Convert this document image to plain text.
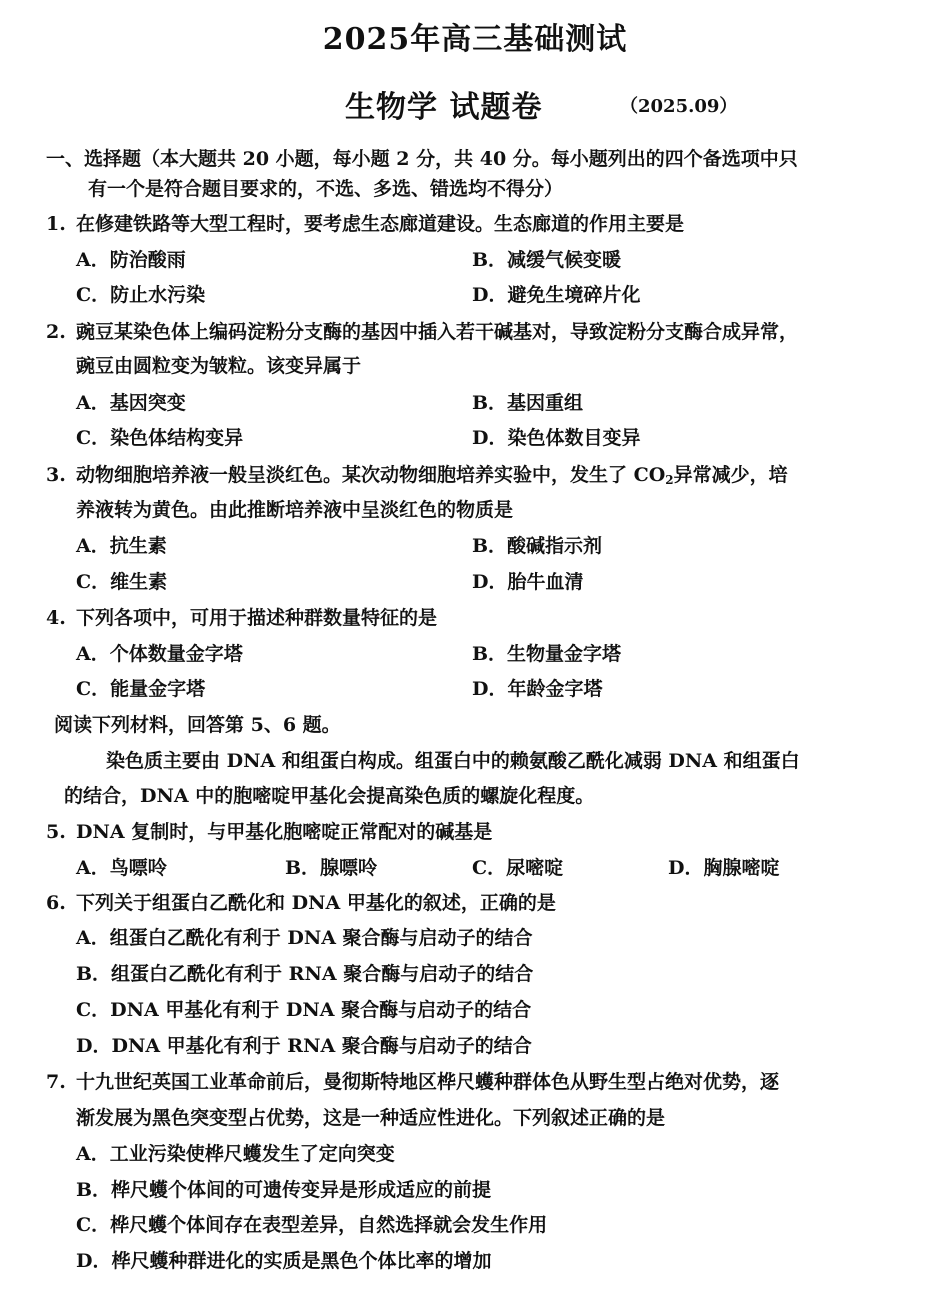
2025年高三基础测试
生物学 试题卷	（2025.09）
一、选择题（本大题共 20 小题，每小题 2 分，共 40 分。每小题列出的四个备选项中只
有一个是符合题目要求的，不选、多选、错选均不得分）
1. 在修建铁路等大型工程时，要考虑生态廊道建设。生态廊道的作用主要是
A．防治酸雨	B．减缓气候变暖
C．防止水污染	D．避免生境碎片化
2. 豌豆某染色体上编码淀粉分支酶的基因中插入若干碱基对，导致淀粉分支酶合成异常，
豌豆由圆粒变为皱粒。该变异属于
A．基因突变	B．基因重组
C．染色体结构变异	D．染色体数目变异
3. 动物细胞培养液一般呈淡红色。某次动物细胞培养实验中，发生了 $CO_2$异常减少，培
养液转为黄色。由此推断培养液中呈淡红色的物质是
A．抗生素	B．酸碱指示剂
C．维生素	D．胎牛血清
4. 下列各项中，可用于描述种群数量特征的是
A．个体数量金字塔	B．生物量金字塔
C．能量金字塔	D．年龄金字塔
阅读下列材料，回答第 5、6 题。
染色质主要由 DNA 和组蛋白构成。组蛋白中的赖氨酸乙酰化减弱 DNA 和组蛋白
的结合，DNA 中的胞嘧啶甲基化会提高染色质的螺旋化程度。
5. DNA 复制时，与甲基化胞嘧啶正常配对的碱基是
A．鸟嘌呤	B．腺嘌呤	C．尿嘧啶	D．胸腺嘧啶
6. 下列关于组蛋白乙酰化和 DNA 甲基化的叙述，正确的是
A．组蛋白乙酰化有利于 DNA 聚合酶与启动子的结合
B．组蛋白乙酰化有利于 RNA 聚合酶与启动子的结合
C．DNA 甲基化有利于 DNA 聚合酶与启动子的结合
D．DNA 甲基化有利于 RNA 聚合酶与启动子的结合
7. 十九世纪英国工业革命前后，曼彻斯特地区桦尺蠖种群体色从野生型占绝对优势，逐
渐发展为黑色突变型占优势，这是一种适应性进化。下列叙述正确的是
A．工业污染使桦尺蠖发生了定向突变
B．桦尺蠖个体间的可遗传变异是形成适应的前提
C．桦尺蠖个体间存在表型差异，自然选择就会发生作用
D．桦尺蠖种群进化的实质是黑色个体比率的增加
